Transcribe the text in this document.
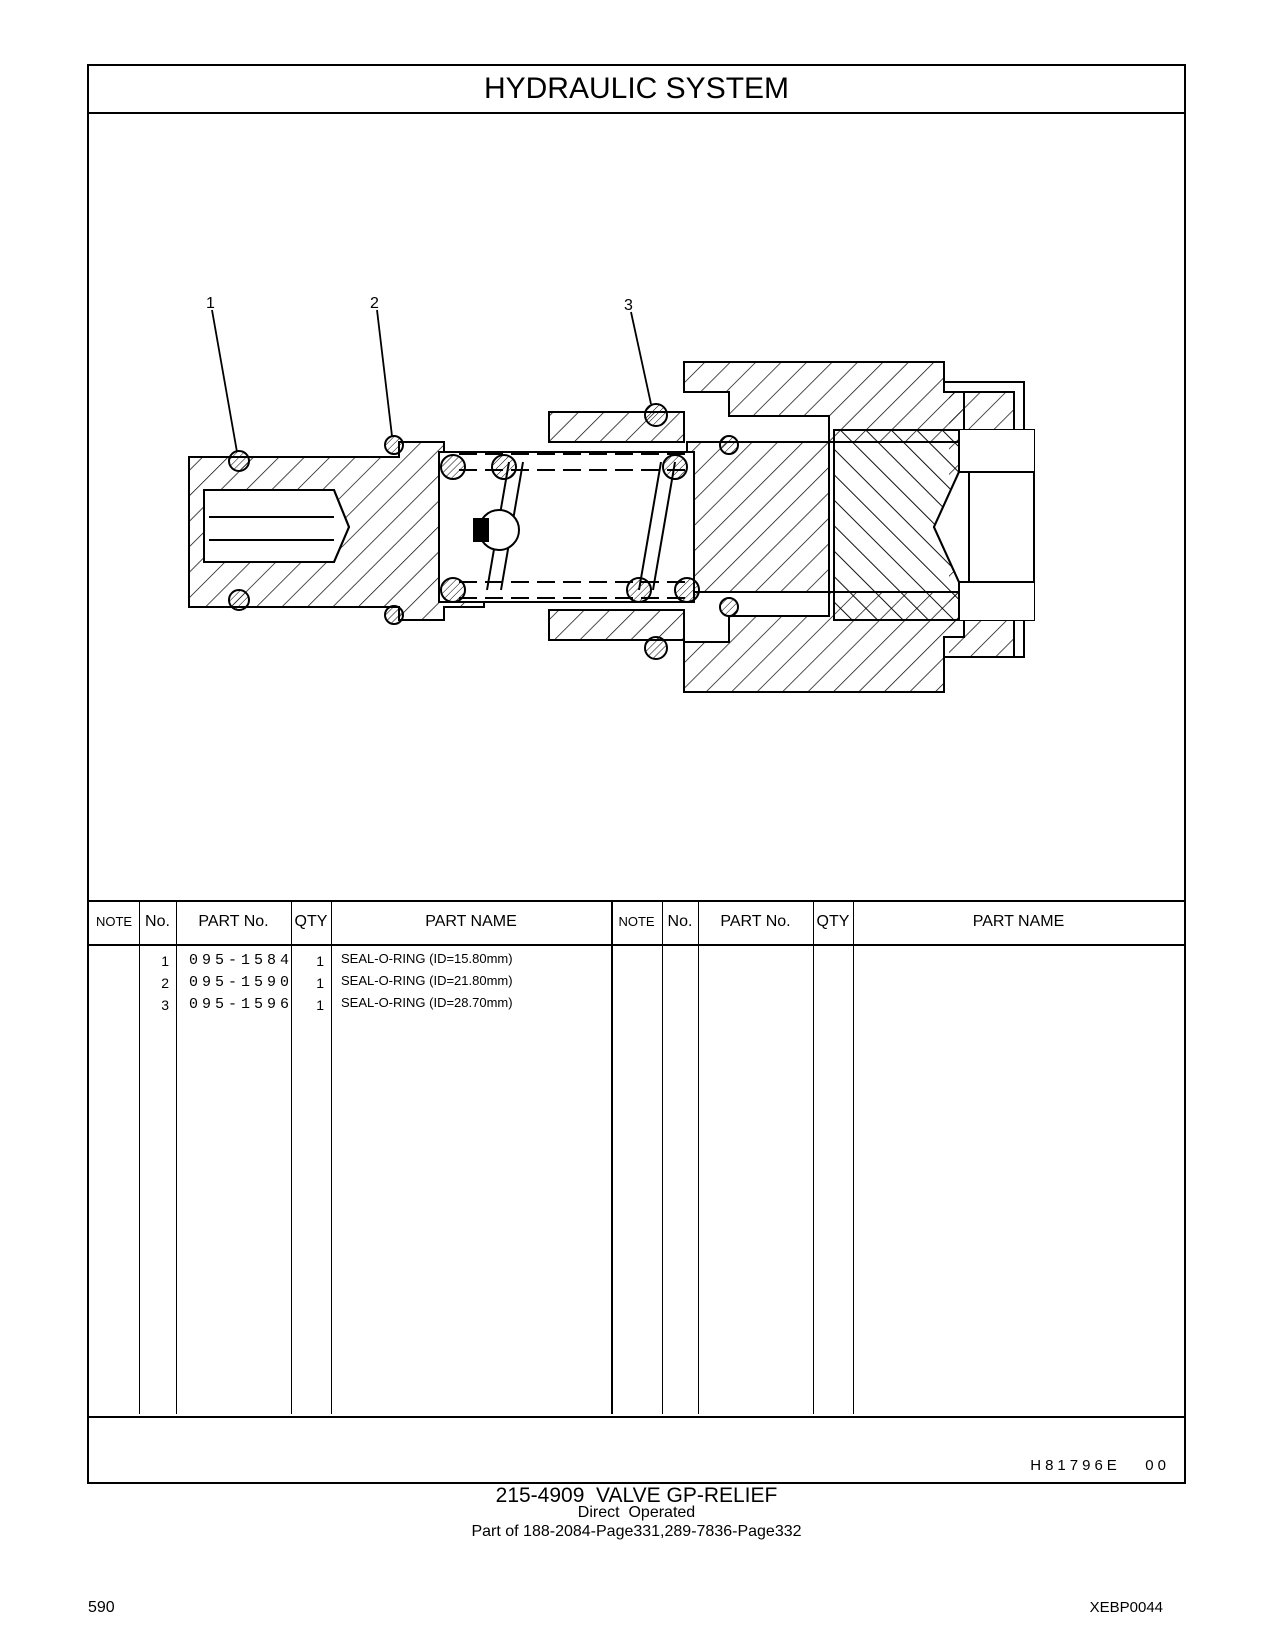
HYDRAULIC SYSTEM
1	2	3
NOTE No.	PART No.	QTY	PART NAME	NOTE No.	PART No.	QTY	PART NAME
1 095-1584	1 SEAL-O-RING (ID=15.80mm)
2 095-1590	1 SEAL-O-RING (ID=21.80mm)
3 095-1596	1 SEAL-O-RING (ID=28.70mm)
H81796E   00
215-4909  VALVE GP-RELIEF
Direct  Operated
Part of 188-2084-Page331,289-7836-Page332
590	XEBP0044
